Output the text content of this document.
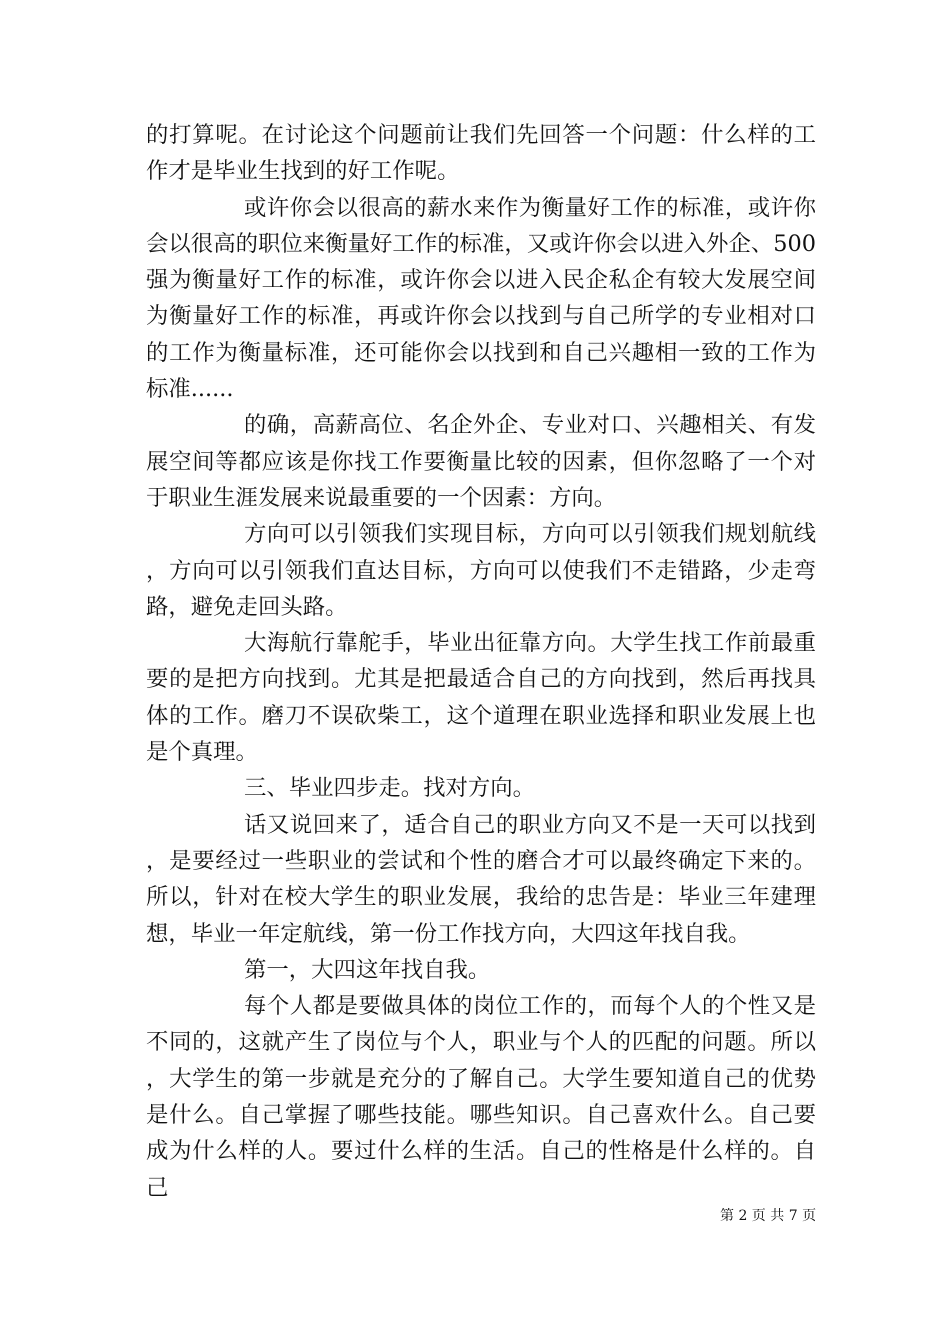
的打算呢。在讨论这个问题前让我们先回答一个问题：什么样的工作才是毕业生找到的好工作呢。

或许你会以很高的薪水来作为衡量好工作的标准，或许你会以很高的职位来衡量好工作的标准，又或许你会以进入外企、500强为衡量好工作的标准，或许你会以进入民企私企有较大发展空间为衡量好工作的标准，再或许你会以找到与自己所学的专业相对口的工作为衡量标准，还可能你会以找到和自己兴趣相一致的工作为标准......

的确，高薪高位、名企外企、专业对口、兴趣相关、有发展空间等都应该是你找工作要衡量比较的因素，但你忽略了一个对于职业生涯发展来说最重要的一个因素：方向。

方向可以引领我们实现目标，方向可以引领我们规划航线，方向可以引领我们直达目标，方向可以使我们不走错路，少走弯路，避免走回头路。

大海航行靠舵手，毕业出征靠方向。大学生找工作前最重要的是把方向找到。尤其是把最适合自己的方向找到，然后再找具体的工作。磨刀不误砍柴工，这个道理在职业选择和职业发展上也是个真理。

三、毕业四步走。找对方向。

话又说回来了，适合自己的职业方向又不是一天可以找到，是要经过一些职业的尝试和个性的磨合才可以最终确定下来的。所以，针对在校大学生的职业发展，我给的忠告是：毕业三年建理想，毕业一年定航线，第一份工作找方向，大四这年找自我。

第一，大四这年找自我。

每个人都是要做具体的岗位工作的，而每个人的个性又是不同的，这就产生了岗位与个人，职业与个人的匹配的问题。所以，大学生的第一步就是充分的了解自己。大学生要知道自己的优势是什么。自己掌握了哪些技能。哪些知识。自己喜欢什么。自己要成为什么样的人。要过什么样的生活。自己的性格是什么样的。自己

第 2 页 共 7 页
